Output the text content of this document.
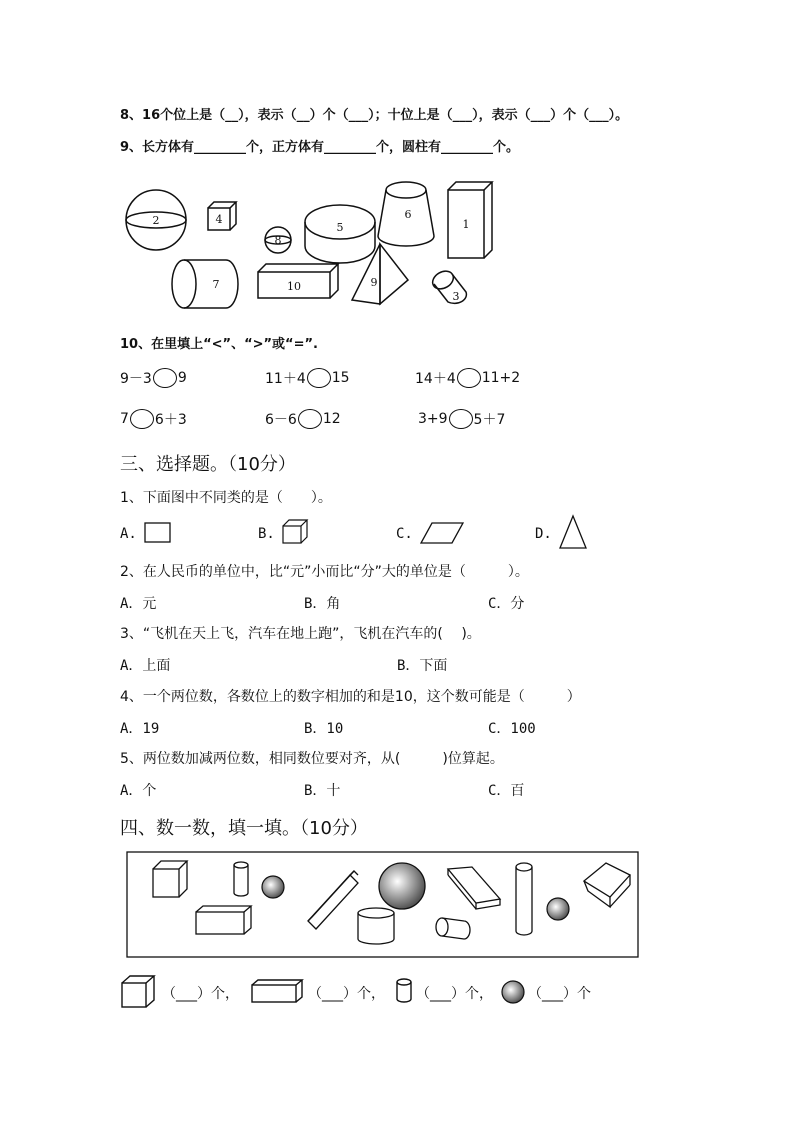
8、16个位上是（__），表示（__）个（___）；十位上是（___），表示（___）个（___）。
9、长方体有________个，正方体有________个，圆柱有________个。
2	4
8
5
6
1
7	10	9
3
10、在里填上“<”、“>”或“=”.
9－3 9	11＋4 15	14＋4 11+2
7 6＋3	6－6 12	3+9 5＋7
三、选择题。（10分）
1、下面图中不同类的是（　　）。
A.	B.	C.	D.
2、在人民币的单位中，比“元”小而比“分”大的单位是（　　　）。
A．元	B．角	C．分
3、“飞机在天上飞，汽车在地上跑”，飞机在汽车的(　 )。
A．上面	B．下面
4、一个两位数，各数位上的数字相加的和是10，这个数可能是（　　　）
A．19	B．10	C．100
5、两位数加减两位数，相同数位要对齐，从(　　　)位算起。
A．个	B．十	C．百
四、数一数，填一填。（10分）
（___）个，	（___）个， （___）个，	（___）个
